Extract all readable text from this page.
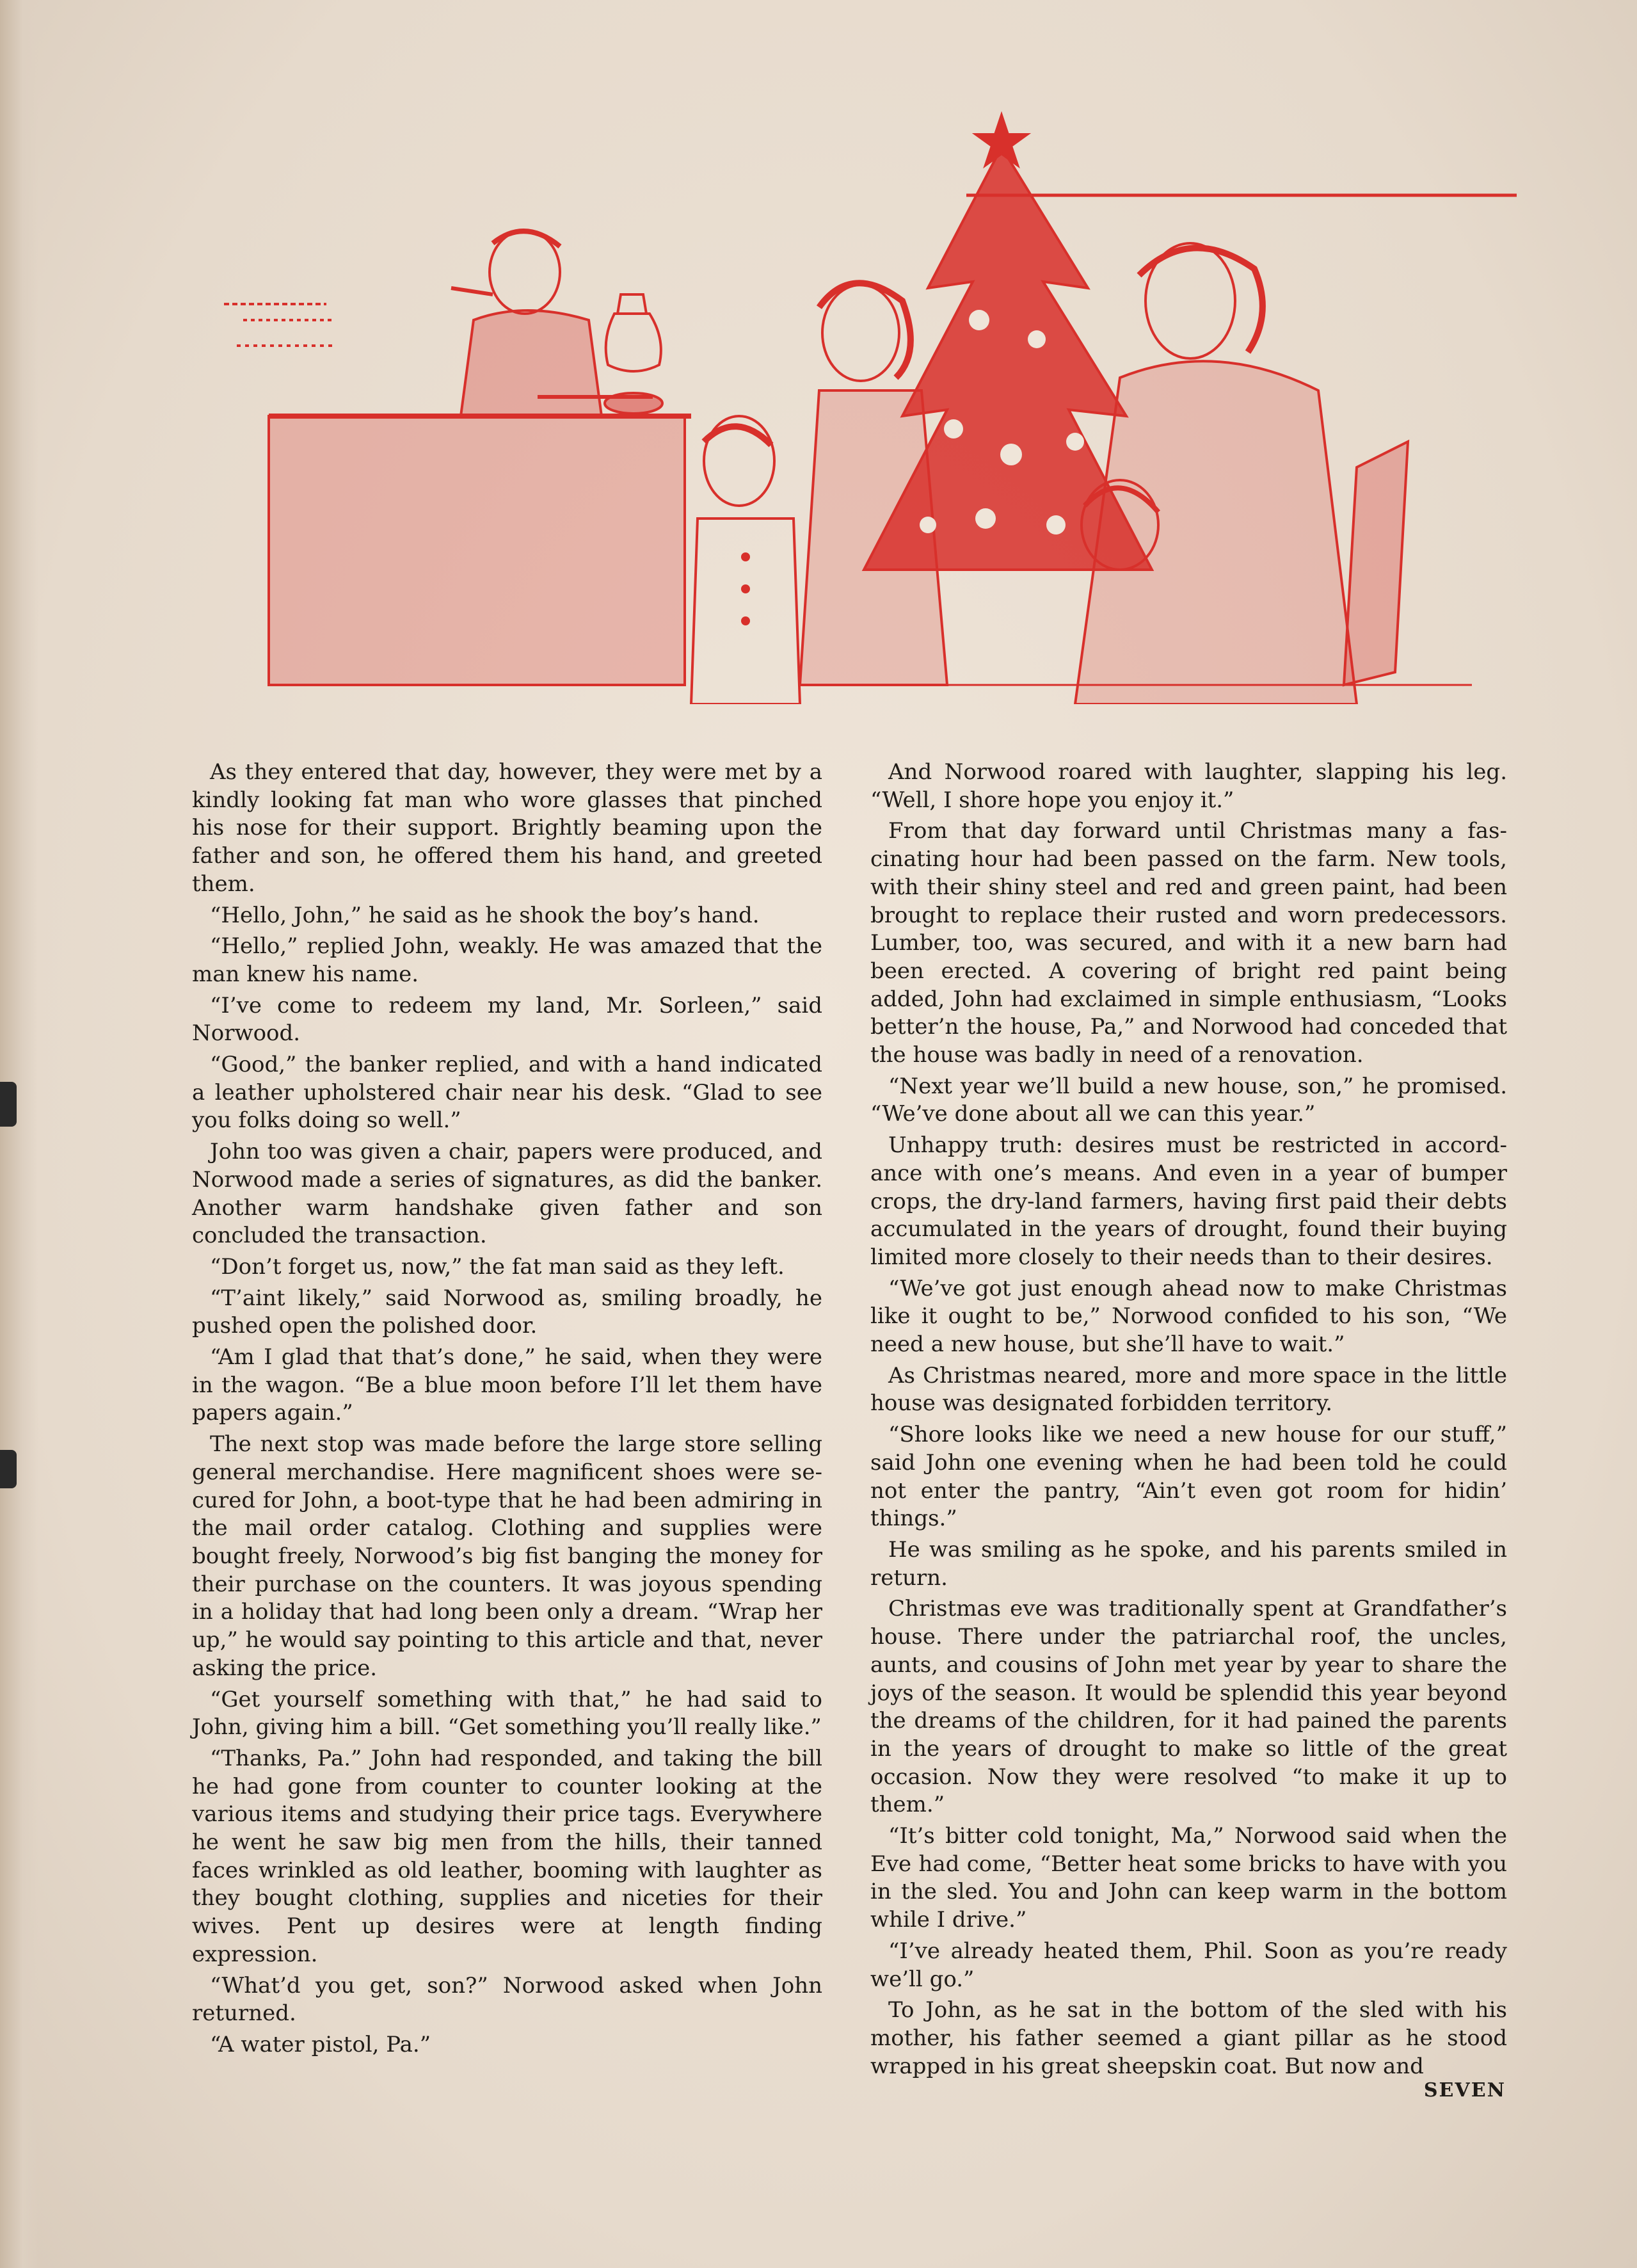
As they entered that day, however, they were met by a kindly looking fat man who wore glasses that pinched his nose for their support. Brightly beaming upon the father and son, he offered them his hand, and greeted them.

“Hello, John,” he said as he shook the boy’s hand.

“Hello,” replied John, weakly. He was amazed that the man knew his name.

“I’ve come to redeem my land, Mr. Sorleen,” said Norwood.

“Good,” the banker replied, and with a hand indicated a leather upholstered chair near his desk. “Glad to see you folks doing so well.”

John too was given a chair, papers were produced, and Norwood made a series of signatures, as did the banker. Another warm handshake given father and son concluded the transaction.

“Don’t forget us, now,” the fat man said as they left.

“T’aint likely,” said Norwood as, smiling broadly, he pushed open the polished door.

“Am I glad that that’s done,” he said, when they were in the wagon. “Be a blue moon before I’ll let them have papers again.”

The next stop was made before the large store selling general merchandise. Here magnificent shoes were secured for John, a boot-type that he had been admiring in the mail order catalog. Clothing and supplies were bought freely, Norwood’s big fist banging the money for their purchase on the counters. It was joyous spending in a holiday that had long been only a dream. “Wrap her up,” he would say pointing to this article and that, never asking the price.

“Get yourself something with that,” he had said to John, giving him a bill. “Get something you’ll really like.”

“Thanks, Pa.” John had responded, and taking the bill he had gone from counter to counter looking at the various items and studying their price tags. Everywhere he went he saw big men from the hills, their tanned faces wrinkled as old leather, booming with laughter as they bought clothing, supplies and niceties for their wives. Pent up desires were at length finding expression.

“What’d you get, son?” Norwood asked when John returned.

“A water pistol, Pa.”

And Norwood roared with laughter, slapping his leg. “Well, I shore hope you enjoy it.”

From that day forward until Christmas many a fascinating hour had been passed on the farm. New tools, with their shiny steel and red and green paint, had been brought to replace their rusted and worn predecessors. Lumber, too, was secured, and with it a new barn had been erected. A covering of bright red paint being added, John had exclaimed in simple enthusiasm, “Looks better’n the house, Pa,” and Norwood had conceded that the house was badly in need of a renovation.

“Next year we’ll build a new house, son,” he promised. “We’ve done about all we can this year.”

Unhappy truth: desires must be restricted in accordance with one’s means. And even in a year of bumper crops, the dry-land farmers, having first paid their debts accumulated in the years of drought, found their buying limited more closely to their needs than to their desires.

“We’ve got just enough ahead now to make Christmas like it ought to be,” Norwood confided to his son, “We need a new house, but she’ll have to wait.”

As Christmas neared, more and more space in the little house was designated forbidden territory.

“Shore looks like we need a new house for our stuff,” said John one evening when he had been told he could not enter the pantry, “Ain’t even got room for hidin’ things.”

He was smiling as he spoke, and his parents smiled in return.

Christmas eve was traditionally spent at Grandfather’s house. There under the patriarchal roof, the uncles, aunts, and cousins of John met year by year to share the joys of the season. It would be splendid this year beyond the dreams of the children, for it had pained the parents in the years of drought to make so little of the great occasion. Now they were resolved “to make it up to them.”

“It’s bitter cold tonight, Ma,” Norwood said when the Eve had come, “Better heat some bricks to have with you in the sled. You and John can keep warm in the bottom while I drive.”

“I’ve already heated them, Phil. Soon as you’re ready we’ll go.”

To John, as he sat in the bottom of the sled with his mother, his father seemed a giant pillar as he stood wrapped in his great sheepskin coat. But now and

SEVEN
